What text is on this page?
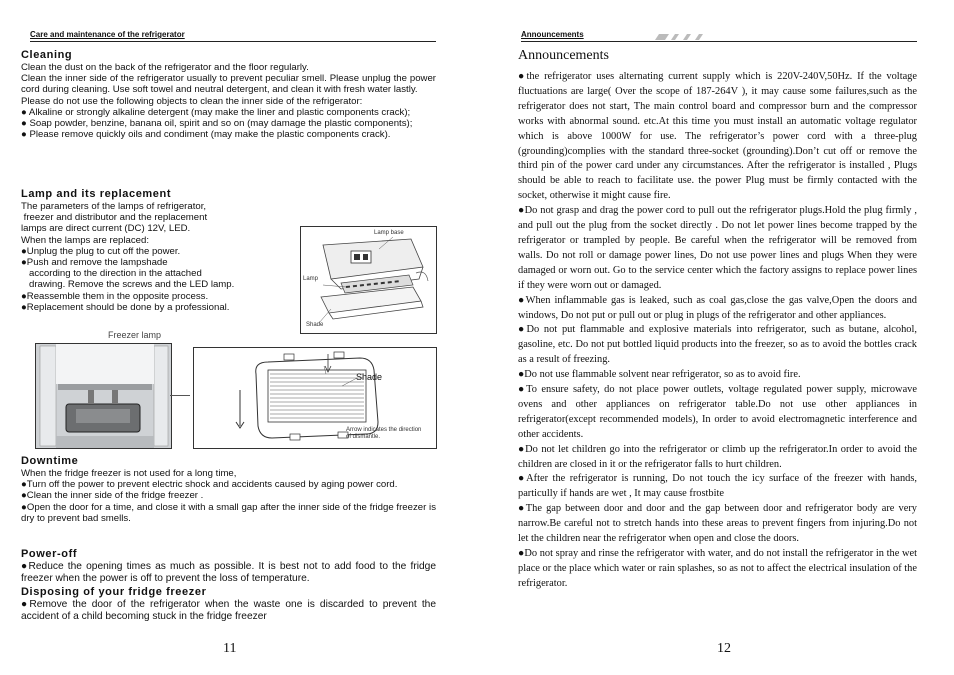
Care and maintenance of the refrigerator

Cleaning

Clean the dust on the back of the refrigerator and the floor regularly.

Clean the inner side of the refrigerator usually to prevent peculiar smell. Please unplug the power cord during cleaning. Use soft towel and neutral detergent, and clean it with fresh water lastly.

Please do not use the following objects to clean the inner side of the refrigerator:

● Alkaline or strongly alkaline detergent (may make the liner and plastic components crack);

● Soap powder, benzine, banana oil, spirit and so on (may damage the plastic components);

● Please remove quickly oils and condiment (may make the plastic components crack).

Lamp and its replacement

The parameters of the lamps of refrigerator,

freezer and distributor and the replacement

lamps are direct current (DC) 12V, LED.

When the lamps are replaced:

●Unplug the plug to cut off the power.

●Push and remove the lampshade

according to the direction in the attached

drawing. Remove the screws and the LED lamp.

●Reassemble them in the opposite process.

●Replacement should be done by a professional.

Lamp base
Lamp
Shade
Freezer lamp
Shade
Arrow indicates the direction of dismantle.

Downtime

When the fridge freezer is not used for a long time,

●Turn off the power to prevent electric shock and accidents caused by aging power cord.

●Clean the inner side of the fridge freezer .

●Open the door for a time, and close it with a small gap after the inner side of the fridge freezer is dry to prevent bad smells.

Power-off

●Reduce the opening times as much as possible. It is best not to add food to the fridge freezer when the power is off to prevent the loss of temperature.

Disposing of your fridge freezer

●Remove the door of the refrigerator when the waste one is discarded to prevent the accident of a child becoming stuck in the fridge freezer

11
Announcements
Announcements

●the refrigerator uses alternating current supply which is 220V-240V,50Hz. If the voltage fluctuations are large( Over the scope of 187-264V ), it may cause some failures,such as the refrigerator does not start, The main control board and compressor burn and the compressor works with abnormal sound. etc.At this time you must install an automatic voltage regulator which is above 1000W for use. The refrigerator’s power cord with a three-plug (grounding)complies with the standard three-socket (grounding).Don’t cut off or remove the third pin of the power card under any circumstances. After the refrigerator is installed , Plugs should be able to reach to facilitate use. the power Plug must be firmly contacted with the socket, otherwise it might cause fire.

●Do not grasp and drag the power cord to pull out the refrigerator plugs.Hold the plug firmly , and pull out the plug from the socket directly . Do not let power lines become trapped by the refrigerator or trampled by people. Be careful when the refrigerator will be removed from walls. Do not roll or damage power lines, Do not use power lines and plugs When they were damaged or worn out. Go to the service center which the factory assigns to replace power lines if they were worn out or damaged.

●When inflammable gas is leaked, such as coal gas,close the gas valve,Open the doors and windows, Do not put or pull out or plug in plugs of the refrigerator and other appliances.

●Do not put flammable and explosive materials into refrigerator, such as butane, alcohol, gasoline, etc. Do not put bottled liquid products into the freezer, so as to avoid the bottles crack as a result of freezing.

●Do not use flammable solvent near refrigerator, so as to avoid fire.

●To ensure safety, do not place power outlets, voltage regulated power supply, microwave ovens and other appliances on refrigerator table.Do not use other appliances in refrigerator(except recommended models), In order to avoid electromagnetic interference and other accidents.

●Do not let children go into the refrigerator or climb up the refrigerator.In order to avoid the children are closed in it or the refrigerator falls to hurt children.

●After the refrigerator is running, Do not touch the icy surface of the freezer with hands, particully if hands are wet , It may cause frostbite

●The gap between door and door and the gap between door and refrigerator body are very narrow.Be careful not to stretch hands into these areas to prevent fingers from injuring.Do not let the children near the refrigerator when open and close the doors.

●Do not spray and rinse the refrigerator with water, and do not install the refrigerator in the wet place or the place which water or rain splashes, so as not to affect the electrical insulation of the refrigerator.

12
